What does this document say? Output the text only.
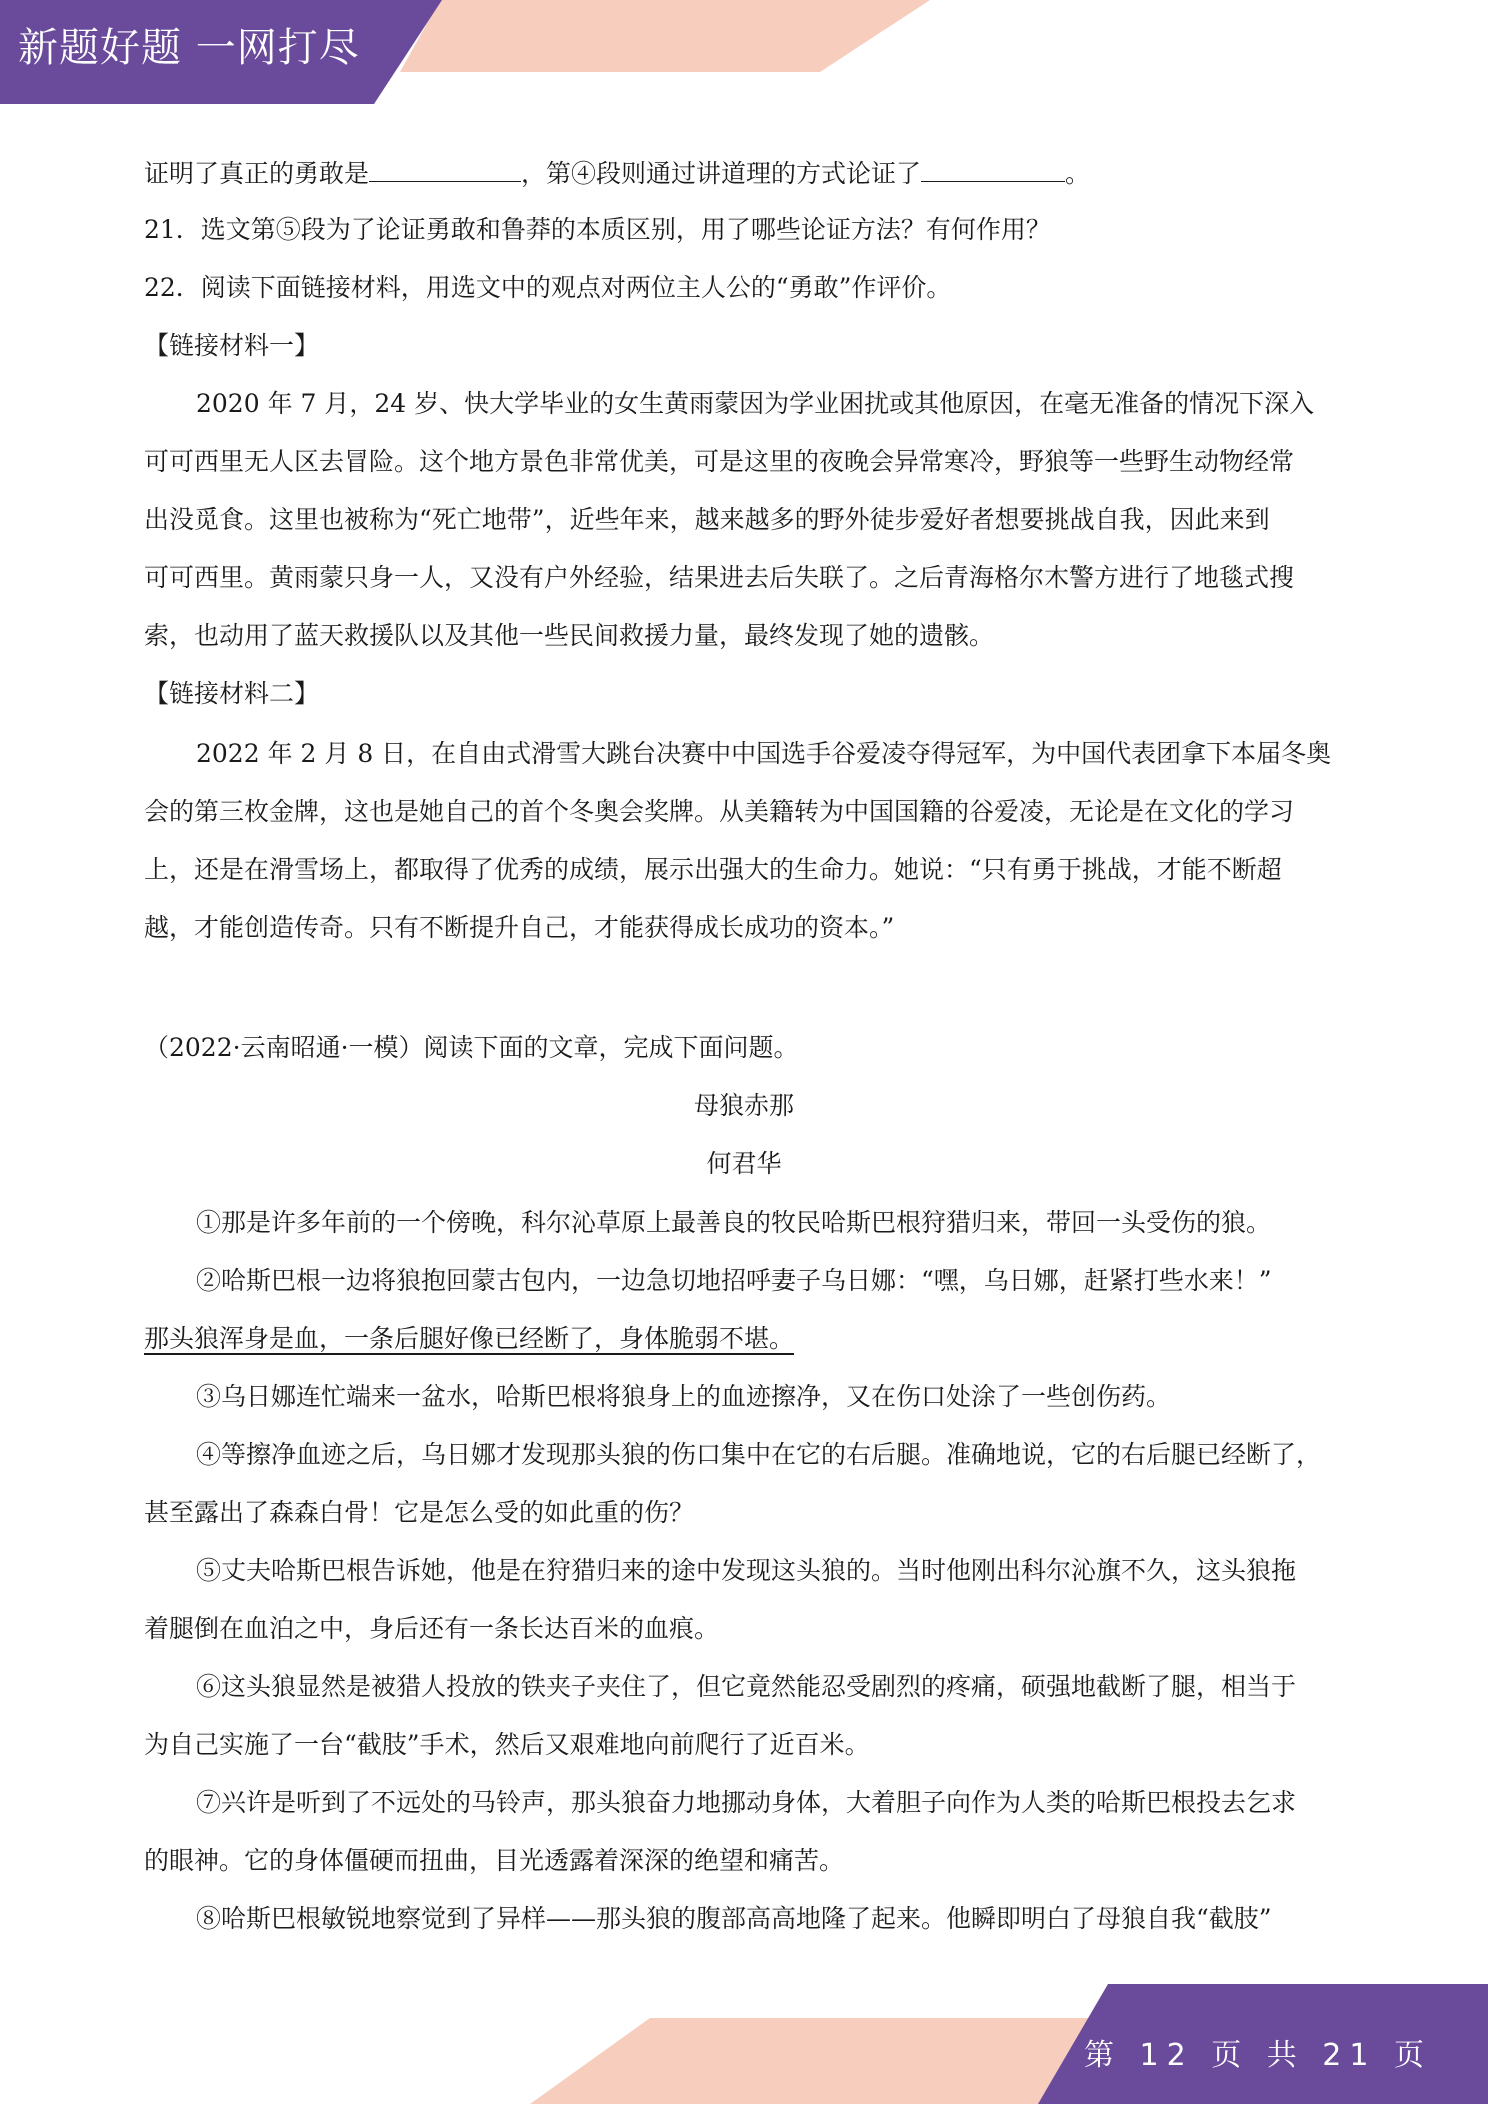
新题好题 一网打尽
第 12 页 共 21 页
证明了真正的勇敢是	，第④段则通过讲道理的方式论证了	。
21．选文第⑤段为了论证勇敢和鲁莽的本质区别，用了哪些论证方法？有何作用？
22．阅读下面链接材料，用选文中的观点对两位主人公的“勇敢”作评价。
【链接材料一】
2020 年 7 月，24 岁、快大学毕业的女生黄雨蒙因为学业困扰或其他原因，在毫无准备的情况下深入
可可西里无人区去冒险。这个地方景色非常优美，可是这里的夜晚会异常寒冷，野狼等一些野生动物经常
出没觅食。这里也被称为“死亡地带”，近些年来，越来越多的野外徒步爱好者想要挑战自我，因此来到
可可西里。黄雨蒙只身一人，又没有户外经验，结果进去后失联了。之后青海格尔木警方进行了地毯式搜
索，也动用了蓝天救援队以及其他一些民间救援力量，最终发现了她的遗骸。
【链接材料二】
2022 年 2 月 8 日，在自由式滑雪大跳台决赛中中国选手谷爱凌夺得冠军，为中国代表团拿下本届冬奥
会的第三枚金牌，这也是她自己的首个冬奥会奖牌。从美籍转为中国国籍的谷爱凌，无论是在文化的学习
上，还是在滑雪场上，都取得了优秀的成绩，展示出强大的生命力。她说：“只有勇于挑战，才能不断超
越，才能创造传奇。只有不断提升自己，才能获得成长成功的资本。”
（2022·云南昭通·一模）阅读下面的文章，完成下面问题。
母狼赤那
何君华
①那是许多年前的一个傍晚，科尔沁草原上最善良的牧民哈斯巴根狩猎归来，带回一头受伤的狼。
②哈斯巴根一边将狼抱回蒙古包内，一边急切地招呼妻子乌日娜：“嘿，乌日娜，赶紧打些水来！”
那头狼浑身是血，一条后腿好像已经断了，身体脆弱不堪。
③乌日娜连忙端来一盆水，哈斯巴根将狼身上的血迹擦净，又在伤口处涂了一些创伤药。
④等擦净血迹之后，乌日娜才发现那头狼的伤口集中在它的右后腿。准确地说，它的右后腿已经断了，
甚至露出了森森白骨！它是怎么受的如此重的伤？
⑤丈夫哈斯巴根告诉她，他是在狩猎归来的途中发现这头狼的。当时他刚出科尔沁旗不久，这头狼拖
着腿倒在血泊之中，身后还有一条长达百米的血痕。
⑥这头狼显然是被猎人投放的铁夹子夹住了，但它竟然能忍受剧烈的疼痛，硕强地截断了腿，相当于
为自己实施了一台“截肢”手术，然后又艰难地向前爬行了近百米。
⑦兴许是听到了不远处的马铃声，那头狼奋力地挪动身体，大着胆子向作为人类的哈斯巴根投去乞求
的眼神。它的身体僵硬而扭曲，目光透露着深深的绝望和痛苦。
⑧哈斯巴根敏锐地察觉到了异样——那头狼的腹部高高地隆了起来。他瞬即明白了母狼自我“截肢”
